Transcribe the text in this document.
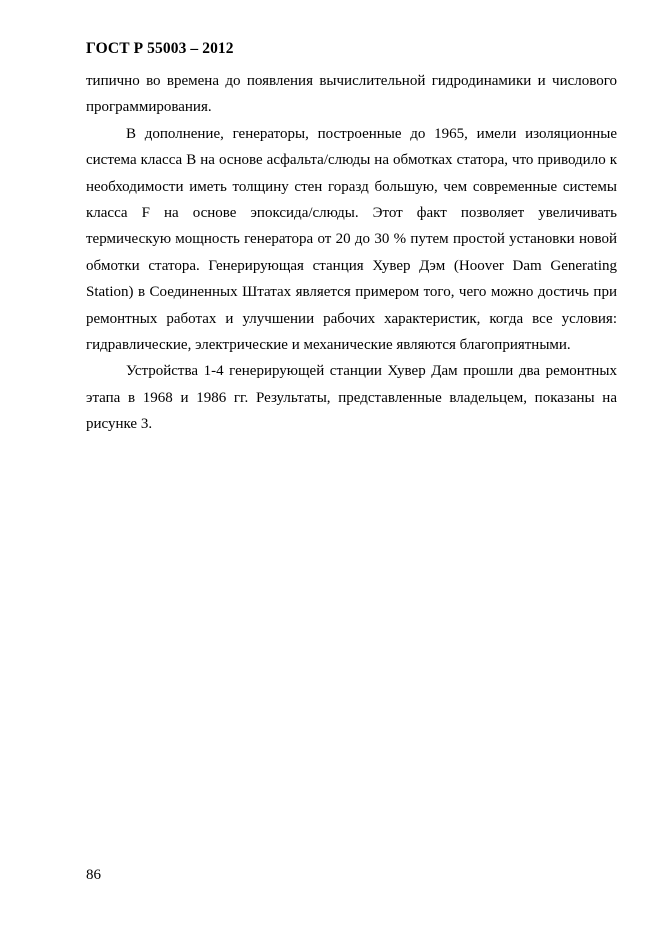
ГОСТ Р 55003 – 2012

типично во времена до появления вычислительной гидродинамики и числового программирования.

В дополнение, генераторы, построенные до 1965, имели изоляционные система класса В на основе асфальта/слюды на обмотках статора, что приводило к необходимости иметь толщину стен горазд большую, чем современные системы класса F на основе эпоксида/слюды. Этот факт позволяет увеличивать термическую мощность генератора от 20 до 30 % путем простой установки новой обмотки статора. Генерирующая станция Хувер Дэм (Hoover Dam Generating Station) в Соединенных Штатах является примером того, чего можно достичь при ремонтных работах и улучшении рабочих характеристик, когда все условия: гидравлические, электрические и механические являются благоприятными.

Устройства 1-4 генерирующей станции Хувер Дам прошли два ремонтных этапа в 1968 и 1986 гг. Результаты, представленные владельцем, показаны на рисунке 3.

86
